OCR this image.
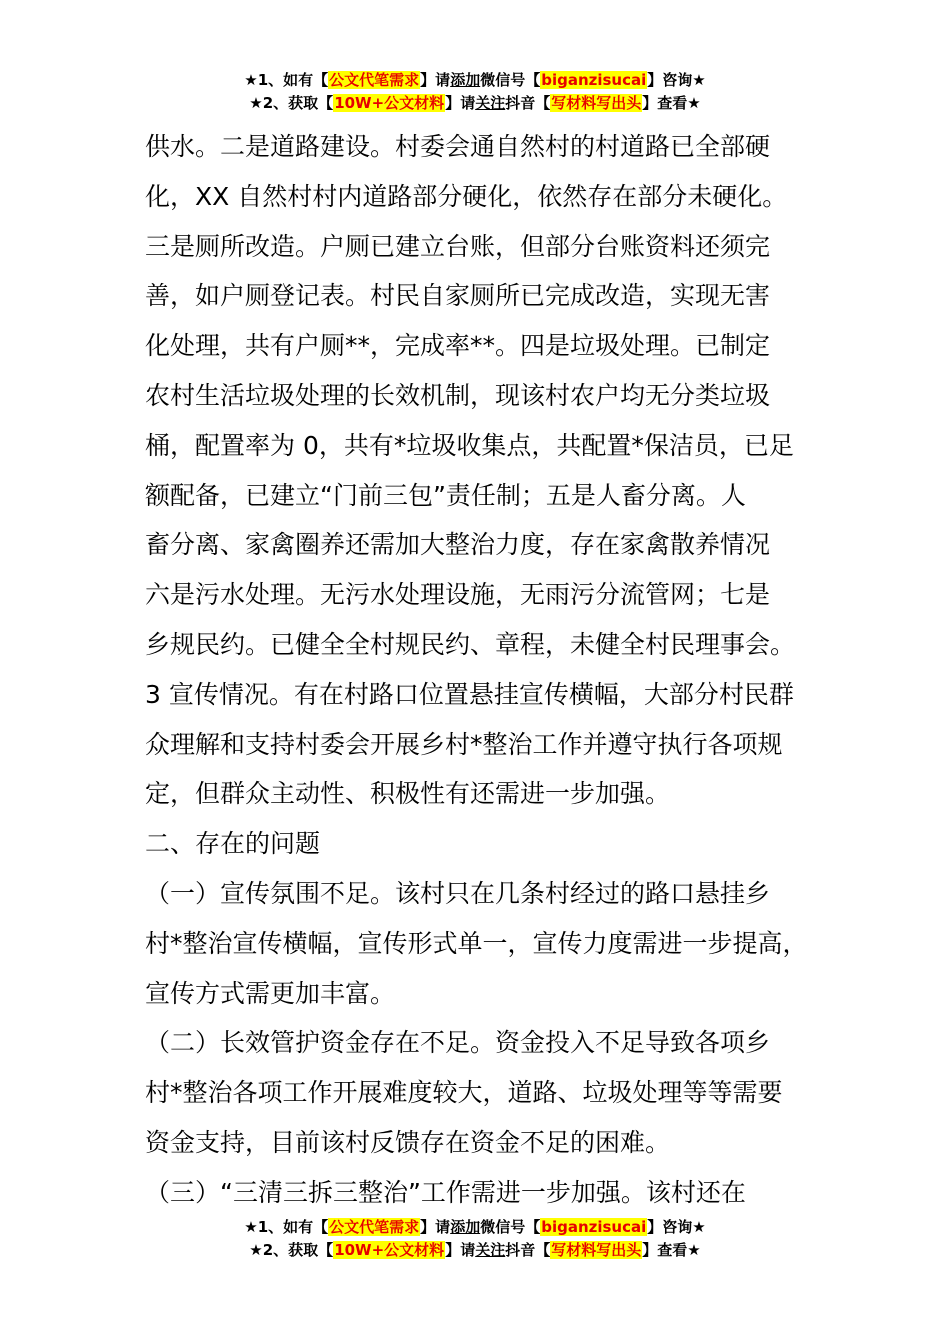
★1、如有【公文代笔需求】请添加微信号【biganzisucai】咨询★
★2、获取【10W+公文材料】请关注抖音【写材料写出头】查看★

供水。二是道路建设。村委会通自然村的村道路已全部硬

化，XX 自然村村内道路部分硬化，依然存在部分未硬化。

三是厕所改造。户厕已建立台账，但部分台账资料还须完

善，如户厕登记表。村民自家厕所已完成改造，实现无害

化处理，共有户厕**，完成率**。四是垃圾处理。已制定

农村生活垃圾处理的长效机制，现该村农户均无分类垃圾

桶，配置率为 0，共有*垃圾收集点，共配置*保洁员，已足

额配备，已建立“门前三包”责任制；五是人畜分离。人

畜分离、家禽圈养还需加大整治力度，存在家禽散养情况

六是污水处理。无污水处理设施，无雨污分流管网；七是

乡规民约。已健全全村规民约、章程，未健全村民理事会。

3 宣传情况。有在村路口位置悬挂宣传横幅，大部分村民群

众理解和支持村委会开展乡村*整治工作并遵守执行各项规

定，但群众主动性、积极性有还需进一步加强。

二、存在的问题

（一）宣传氛围不足。该村只在几条村经过的路口悬挂乡

村*整治宣传横幅，宣传形式单一，宣传力度需进一步提高，

宣传方式需更加丰富。

（二）长效管护资金存在不足。资金投入不足导致各项乡

村*整治各项工作开展难度较大，道路、垃圾处理等等需要

资金支持，目前该村反馈存在资金不足的困难。

（三）“三清三拆三整治”工作需进一步加强。该村还在

★1、如有【公文代笔需求】请添加微信号【biganzisucai】咨询★
★2、获取【10W+公文材料】请关注抖音【写材料写出头】查看★
